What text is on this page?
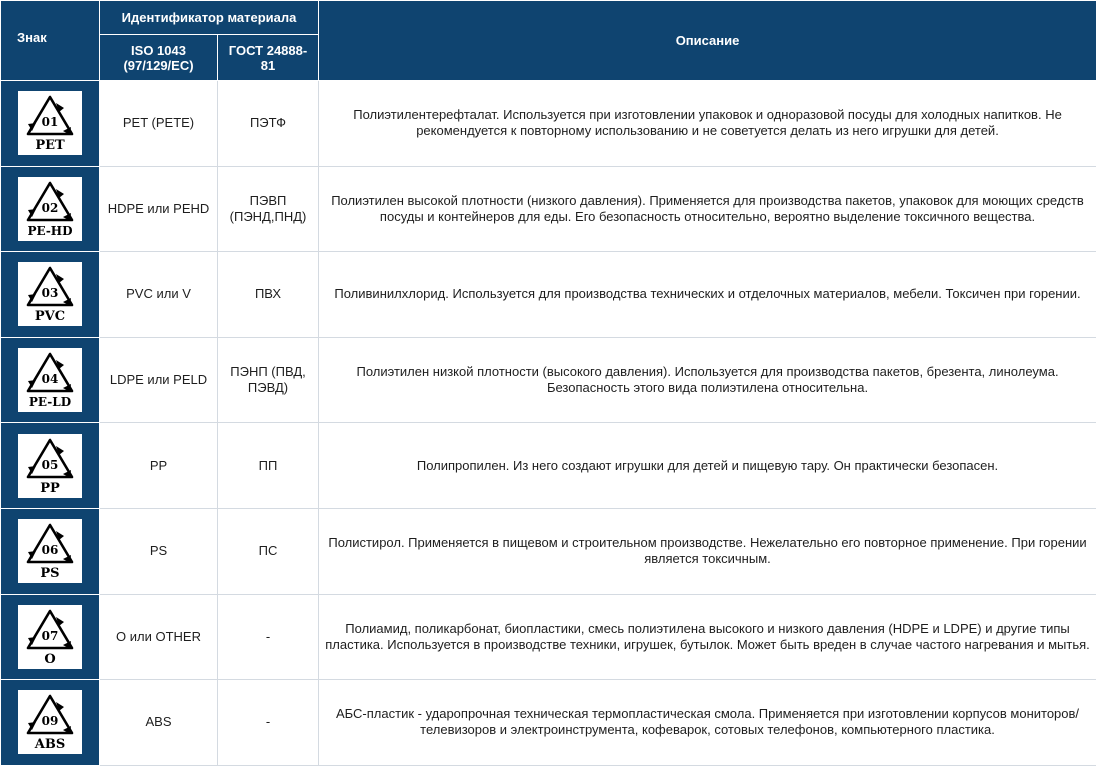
Знак	Идентификатор материала		Описание
	ISO 1043 (97/129/EC)	ГОСТ 24888-81	

01
PET	PET (PETE)	ПЭТФ	Полиэтилентерефталат. Используется при изготовлении упаковок и одноразовой посуды для холодных напитков. Не рекомендуется к повторному использованию и не советуется делать из него игрушки для детей.

02
PE-HD	HDPE или PEHD	ПЭВП (ПЭНД,ПНД)	Полиэтилен высокой плотности (низкого давления). Применяется для производства пакетов, упаковок для моющих средств посуды и контейнеров для еды. Его безопасность относительно, вероятно выделение токсичного вещества.

03
PVC	PVC или V	ПВХ	Поливинилхлорид. Используется для производства технических и отделочных материалов, мебели. Токсичен при горении.

04
PE-LD	LDPE или PELD	ПЭНП (ПВД, ПЭВД)	Полиэтилен низкой плотности (высокого давления). Используется для производства пакетов, брезента, линолеума. Безопасность этого вида полиэтилена относительна.

05
PP	PP	ПП	Полипропилен. Из него создают игрушки для детей и пищевую тару. Он практически безопасен.

06
PS	PS	ПС	Полистирол. Применяется в пищевом и строительном производстве. Нежелательно его повторное применение. При горении является токсичным.

07
O	O или OTHER	-	Полиамид, поликарбонат, биопластики, смесь полиэтилена высокого и низкого давления (HDPE и LDPE) и другие типы пластика. Используется в производстве техники, игрушек, бутылок. Может быть вреден в случае частого нагревания и мытья.

09
ABS	ABS	-	АБС-пластик - ударопрочная техническая термопластическая смола. Применяется при изготовлении корпусов мониторов/телевизоров и электроинструмента, кофеварок, сотовых телефонов, компьютерного пластика.
